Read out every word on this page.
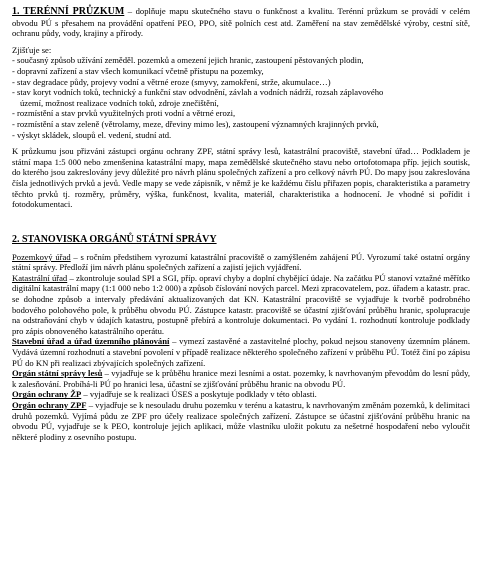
1. TERÉNNÍ PRŮZKUM – doplňuje mapu skutečného stavu o funkčnost a kvalitu. Terénní průzkum se provádí v celém obvodu PÚ s přesahem na provádění opatření PEO, PPO, sítě polních cest atd. Zaměření na stav zemědělské výroby, cestní sítě, ochranu půdy, vody, krajiny a přírody.

Zjišťuje se:

- současný způsob užívání zeměděl. pozemků a omezení jejich hranic, zastoupení pěstovaných plodin,
- dopravní zařízení a stav všech komunikací včetně přístupu na pozemky,
- stav degradace půdy, projevy vodní a větrné eroze (smyvy, zamokření, strže, akumulace…)
- stav koryt vodních toků, technický a funkční stav odvodnění, závlah a vodních nádrží, rozsah záplavového
území, možnost realizace vodních toků, zdroje znečištění,
- rozmístění a stav prvků využitelných proti vodní a větrné erozi,
- rozmístění a stav zeleně (větrolamy, meze, dřeviny mimo les), zastoupení významných krajinných prvků,
- výskyt skládek, sloupů el. vedení, studní atd.

K průzkumu jsou přizváni zástupci orgánu ochrany ZPF, státní správy lesů, katastrální pracoviště, stavební úřad… Podkladem je státní mapa 1:5 000 nebo zmenšenina katastrální mapy, mapa zemědělské skutečného stavu nebo ortofotomapa příp. jejich soutisk, do kterého jsou zakreslovány jevy důležité pro návrh plánu společných zařízení a pro celkový návrh PÚ. Do mapy jsou zakreslována čísla jednotlivých prvků a jevů. Vedle mapy se vede zápisník, v němž je ke každému číslu přiřazen popis, charakteristika a parametry těchto prvků tj. rozměry, průměry, výška, funkčnost, kvalita, materiál, charakteristika a hodnocení. Je vhodné si pořídit i fotodokumentaci.

2. STANOVISKA ORGÁNŮ STÁTNÍ SPRÁVY

Pozemkový úřad – s ročním předstihem vyrozumí katastrální pracoviště o zamýšleném zahájení PÚ. Vyrozumí také ostatní orgány státní správy. Předloží jim návrh plánu společných zařízení a zajistí jejich vyjádření.

Katastrální úřad – zkontroluje soulad SPI a SGI, příp. opraví chyby a doplní chybějící údaje. Na začátku PÚ stanoví vztažné měřítko digitální katastrální mapy (1:1 000 nebo 1:2 000) a způsob číslování nových parcel. Mezi zpracovatelem, poz. úřadem a katastr. prac. se dohodne způsob a intervaly předávání aktualizovaných dat KN. Katastrální pracoviště se vyjadřuje k tvorbě podrobného bodového polohového pole, k průběhu obvodu PÚ. Zástupce katastr. pracoviště se účastní zjišťování průběhu hranic, spolupracuje na odstraňování chyb v údajích katastru, postupně přebírá a kontroluje dokumentaci. Po vydání 1. rozhodnutí kontroluje podklady pro zápis obnoveného katastrálního operátu.

Stavební úřad a úřad územního plánování – vymezí zastavěné a zastavitelné plochy, pokud nejsou stanoveny územním plánem. Vydává územní rozhodnutí a stavební povolení v případě realizace některého společného zařízení v průběhu PÚ. Totéž činí po zápisu PÚ do KN při realizaci zbývajících společných zařízení.

Orgán státní správy lesů – vyjadřuje se k průběhu hranice mezi lesními a ostat. pozemky, k navrhovaným převodům do lesní půdy, k zalesňování. Probíhá-li PÚ po hranici lesa, účastní se zjišťování průběhu hranic na obvodu PÚ.

Orgán ochrany ŽP – vyjadřuje se k realizaci ÚSES a poskytuje podklady v této oblasti.

Orgán ochrany ZPF – vyjadřuje se k nesouladu druhu pozemku v terénu a katastru, k navrhovaným změnám pozemků, k delimitaci druhů pozemků. Vyjímá půdu ze ZPF pro účely realizace společných zařízení. Zástupce se účastní zjišťování průběhu hranic na obvodu PÚ, vyjadřuje se k PEO, kontroluje jejich aplikaci, může vlastníku uložit pokutu za nešetrné hospodaření nebo vyloučit některé plodiny z osevního postupu.
